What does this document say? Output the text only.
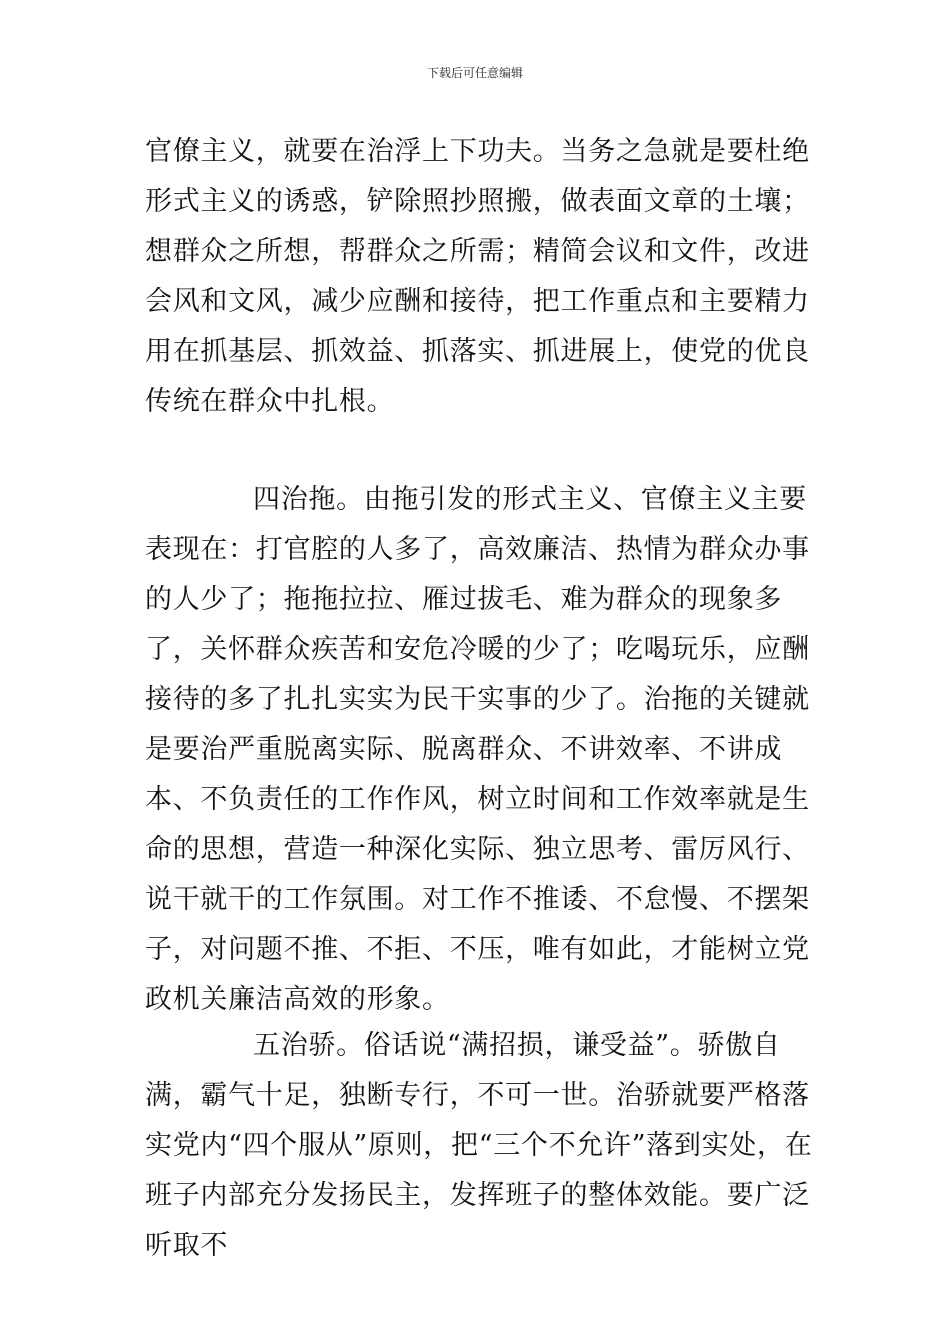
下载后可任意编辑

官僚主义，就要在治浮上下功夫。当务之急就是要杜绝形式主义的诱惑，铲除照抄照搬，做表面文章的土壤；想群众之所想，帮群众之所需；精简会议和文件，改进会风和文风，减少应酬和接待，把工作重点和主要精力用在抓基层、抓效益、抓落实、抓进展上，使党的优良传统在群众中扎根。

四治拖。由拖引发的形式主义、官僚主义主要表现在：打官腔的人多了，高效廉洁、热情为群众办事的人少了；拖拖拉拉、雁过拔毛、难为群众的现象多了，关怀群众疾苦和安危冷暖的少了；吃喝玩乐，应酬接待的多了扎扎实实为民干实事的少了。治拖的关键就是要治严重脱离实际、脱离群众、不讲效率、不讲成本、不负责任的工作作风，树立时间和工作效率就是生命的思想，营造一种深化实际、独立思考、雷厉风行、说干就干的工作氛围。对工作不推诿、不怠慢、不摆架子，对问题不推、不拒、不压，唯有如此，才能树立党政机关廉洁高效的形象。

五治骄。俗话说“满招损，谦受益”。骄傲自满，霸气十足，独断专行，不可一世。治骄就要严格落实党内“四个服从”原则，把“三个不允许”落到实处，在班子内部充分发扬民主，发挥班子的整体效能。要广泛听取不
